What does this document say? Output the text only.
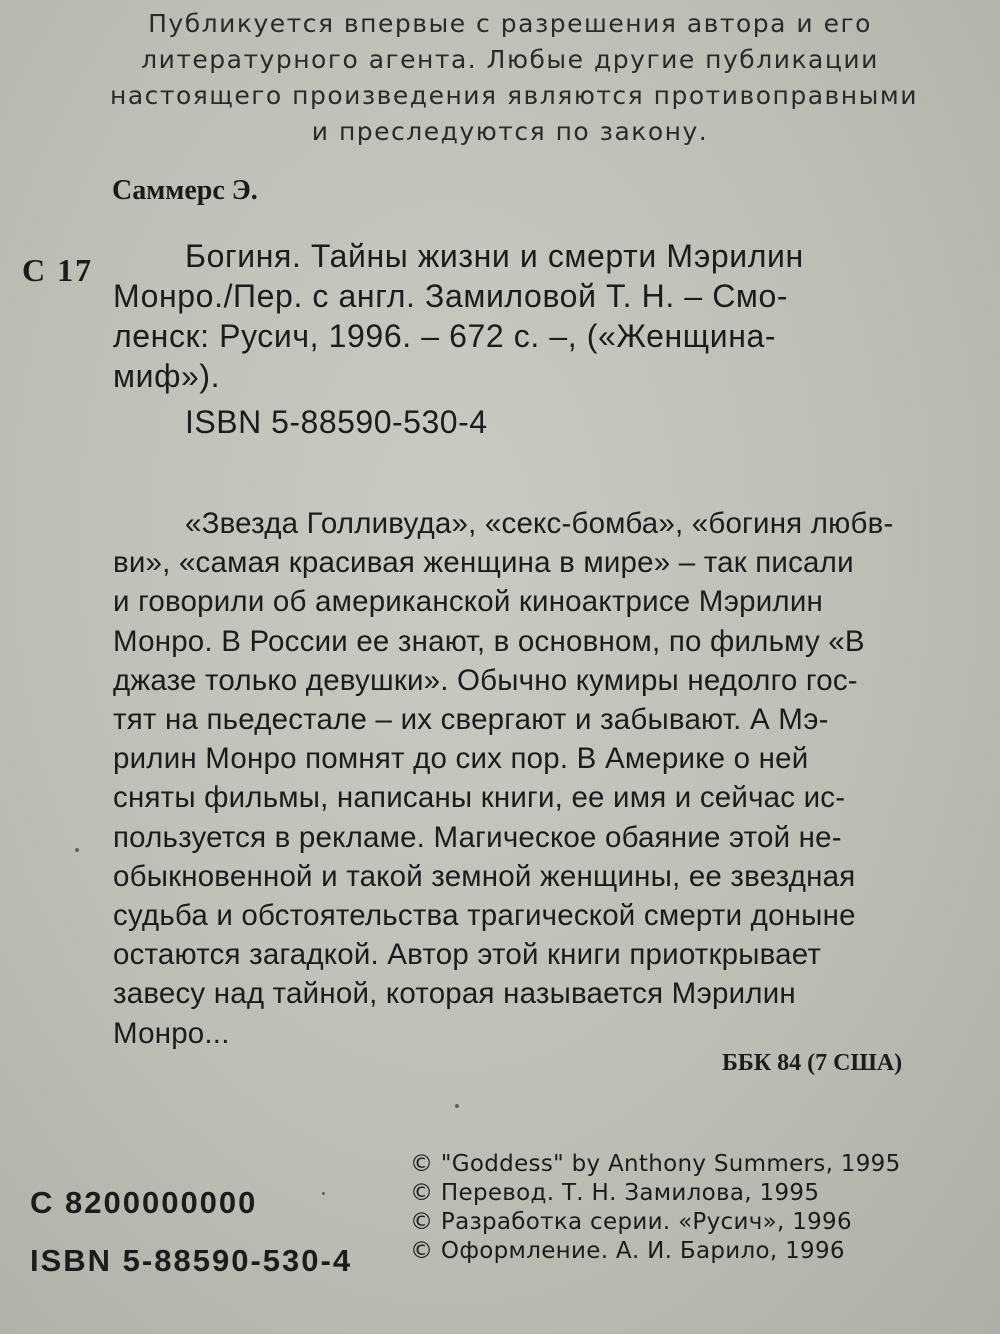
Публикуется впервые с разрешения автора и его
литературного агента. Любые другие публикации
настоящего произведения являются противоправными
и преследуются по закону.
Саммерс Э.
С 17	Богиня. Тайны жизни и смерти Мэрилин
Монро./Пер. с англ. Замиловой Т. Н. – Смо-
ленск: Русич, 1996. – 672 с. –, («Женщина-
миф»).
ISBN 5-88590-530-4
«Звезда Голливуда», «секс-бомба», «богиня любв-
ви», «самая красивая женщина в мире» – так писали
и говорили об американской киноактрисе Мэрилин
Монро. В России ее знают, в основном, по фильму «В
джазе только девушки». Обычно кумиры недолго гос-
тят на пьедестале – их свергают и забывают. А Мэ-
рилин Монро помнят до сих пор. В Америке о ней
сняты фильмы, написаны книги, ее имя и сейчас ис-
пользуется в рекламе. Магическое обаяние этой не-
обыкновенной и такой земной женщины, ее звездная
судьба и обстоятельства трагической смерти доныне
остаются загадкой. Автор этой книги приоткрывает
завесу над тайной, которая называется Мэрилин
Монро...
ББК 84 (7 США)
С 8200000000
ISBN 5-88590-530-4
© "Goddess" by Anthony Summers, 1995
© Перевод. Т. Н. Замилова, 1995
© Разработка серии. «Русич», 1996
© Оформление. А. И. Барило, 1996
